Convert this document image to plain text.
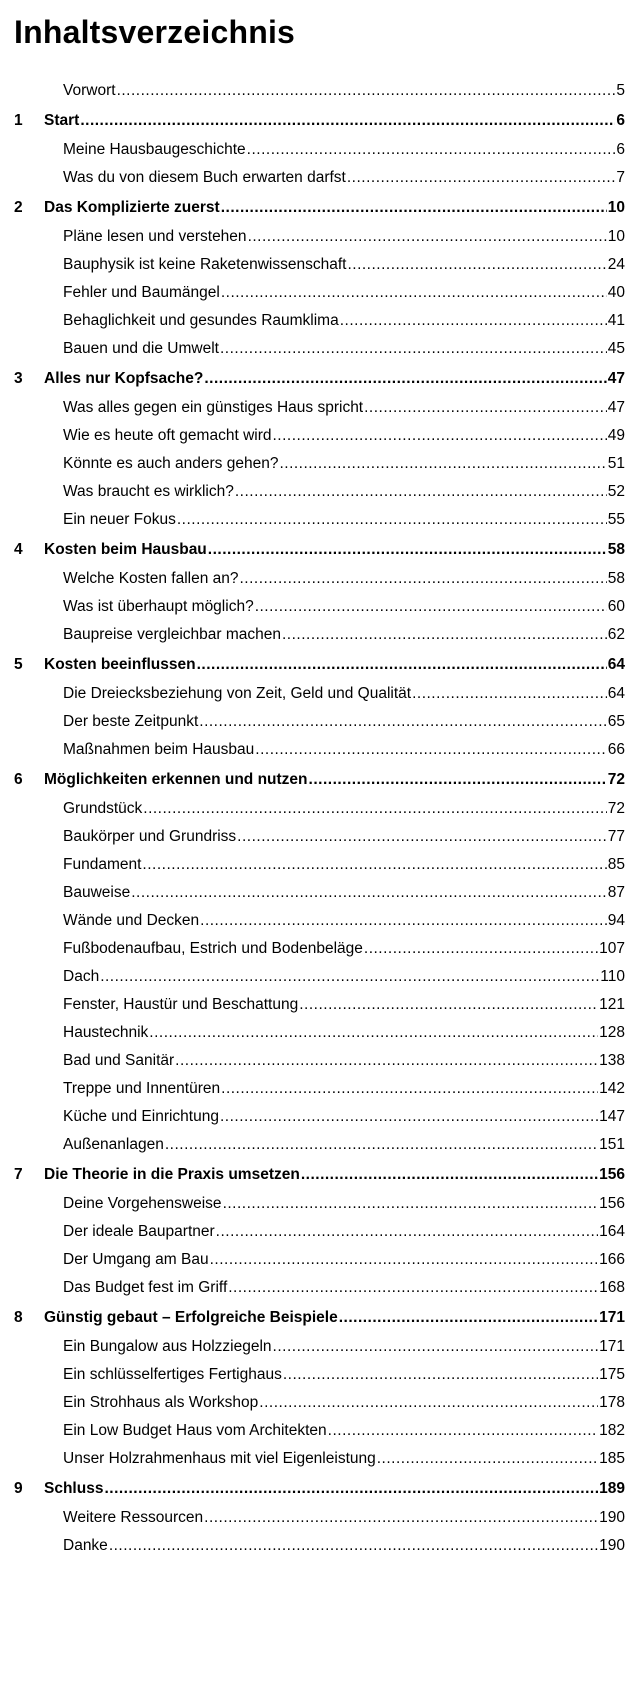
Inhaltsverzeichnis
Vorwort .....	5
1 Start .....	6
Meine Hausbaugeschichte .....	6
Was du von diesem Buch erwarten darfst .....	7
2 Das Komplizierte zuerst .....	10
Pläne lesen und verstehen .....	10
Bauphysik ist keine Raketenwissenschaft .....	24
Fehler und Baumängel .....	40
Behaglichkeit und gesundes Raumklima .....	41
Bauen und die Umwelt .....	45
3 Alles nur Kopfsache? .....	47
Was alles gegen ein günstiges Haus spricht .....	47
Wie es heute oft gemacht wird .....	49
Könnte es auch anders gehen? .....	51
Was braucht es wirklich? .....	52
Ein neuer Fokus .....	55
4 Kosten beim Hausbau .....	58
Welche Kosten fallen an? .....	58
Was ist überhaupt möglich? .....	60
Baupreise vergleichbar machen .....	62
5 Kosten beeinflussen .....	64
Die Dreiecksbeziehung von Zeit, Geld und Qualität .....	64
Der beste Zeitpunkt .....	65
Maßnahmen beim Hausbau .....	66
6 Möglichkeiten erkennen und nutzen .....	72
Grundstück .....	72
Baukörper und Grundriss .....	77
Fundament .....	85
Bauweise .....	87
Wände und Decken .....	94
Fußbodenaufbau, Estrich und Bodenbeläge .....	107
Dach .....	110
Fenster, Haustür und Beschattung .....	121
Haustechnik .....	128
Bad und Sanitär .....	138
Treppe und Innentüren .....	142
Küche und Einrichtung .....	147
Außenanlagen .....	151
7 Die Theorie in die Praxis umsetzen .....	156
Deine Vorgehensweise .....	156
Der ideale Baupartner .....	164
Der Umgang am Bau .....	166
Das Budget fest im Griff .....	168
8 Günstig gebaut – Erfolgreiche Beispiele .....	171
Ein Bungalow aus Holzziegeln .....	171
Ein schlüsselfertiges Fertighaus .....	175
Ein Strohhaus als Workshop .....	178
Ein Low Budget Haus vom Architekten .....	182
Unser Holzrahmenhaus mit viel Eigenleistung .....	185
9 Schluss .....	189
Weitere Ressourcen .....	190
Danke .....	190
